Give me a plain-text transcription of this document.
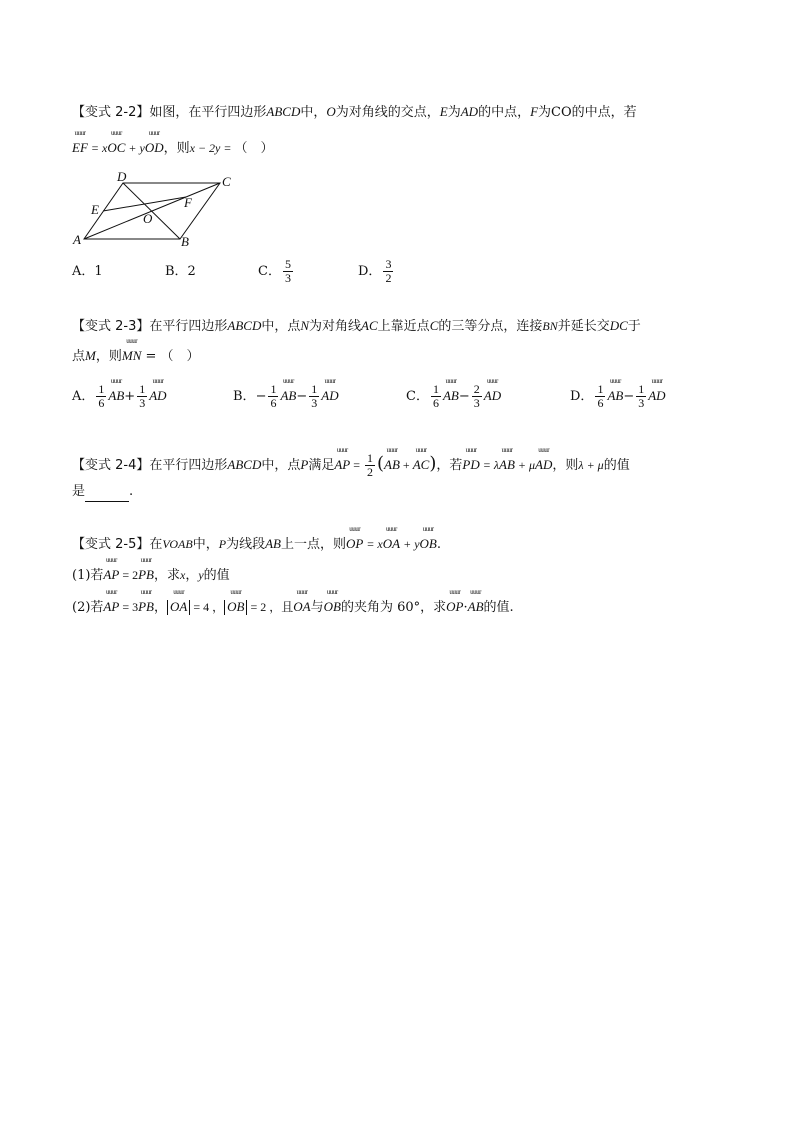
【变式 2-2】如图，在平行四边形ABCD中，O为对角线的交点，E为AD的中点，F为CO的中点，若
uuur EF = xuuur OC + yuuur OD，则x − 2y = （　）
A	B
C
D
E	F
O
A．1	B．2	C． $\frac{5}{3}$	D． $\frac{3}{2}$
【变式 2-3】在平行四边形ABCD中，点N为对角线AC上靠近点C的三等分点，连接BN并延长交DC于
点M，则uuur MN = （　）
A． $\frac{1}{6}$ uuur $AB+ \frac{1}{3}$ uuur AD	B．− $\frac{1}{6}$ uuur $AB- \frac{1}{3}$ uuur AD	C． $\frac{1}{6}$ uuur $AB- \frac{2}{3}$ uuur AD	D． $\frac{1}{6}$ uuur $AB- \frac{1}{3}$ uuur AD
【变式 2-4】在平行四边形ABCD中，点P满足uuur AP = $\frac{1}{2}$ (uuur AB + uuur AC)，若uuur PD = λuuur AB + μuuur AD，则λ + μ的值
是	.
【变式 2-5】在VOAB中，P为线段AB上一点，则uuur OP = xuuur OA + yuuur OB.
(1)若uuur AP = 2uuur PB，求x，y的值
(2)若uuur AP = 3uuur PB， uuur OA = 4 ， uuur OB = 2 ，且uuur OA与uuur OB的夹角为 60°，求uuur OP·uuur AB的值.
